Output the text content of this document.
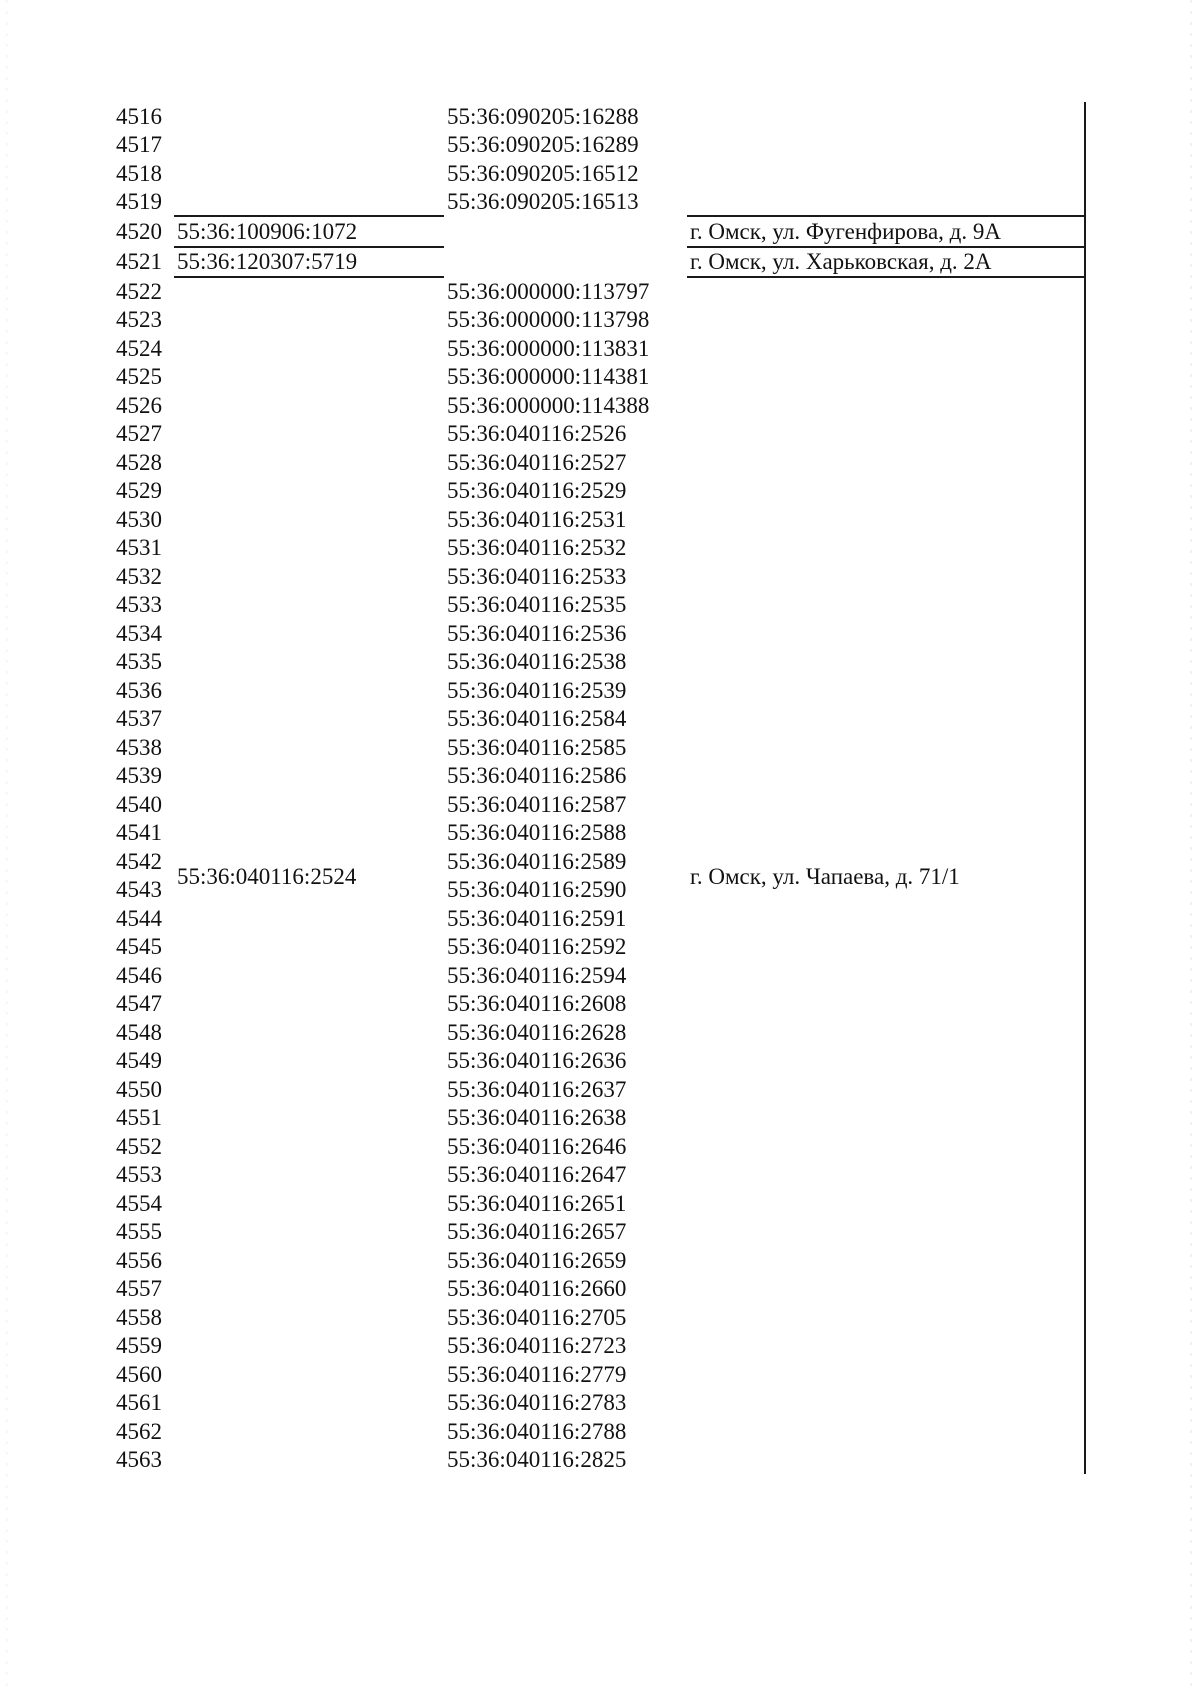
4516		55:36:090205:16288	
4517		55:36:090205:16289	
4518		55:36:090205:16512	
4519		55:36:090205:16513	
4520	55:36:100906:1072		г. Омск, ул. Фугенфирова, д. 9А
4521	55:36:120307:5719		г. Омск, ул. Харьковская, д. 2А
4522	55:36:040116:2524	55:36:000000:113797	г. Омск, ул. Чапаева, д. 71/1
4523		55:36:000000:113798	
4524		55:36:000000:113831	
4525		55:36:000000:114381	
4526		55:36:000000:114388	
4527		55:36:040116:2526	
4528		55:36:040116:2527	
4529		55:36:040116:2529	
4530		55:36:040116:2531	
4531		55:36:040116:2532	
4532		55:36:040116:2533	
4533		55:36:040116:2535	
4534		55:36:040116:2536	
4535		55:36:040116:2538	
4536		55:36:040116:2539	
4537		55:36:040116:2584	
4538		55:36:040116:2585	
4539		55:36:040116:2586	
4540		55:36:040116:2587	
4541		55:36:040116:2588	
4542		55:36:040116:2589	
4543		55:36:040116:2590	
4544		55:36:040116:2591	
4545		55:36:040116:2592	
4546		55:36:040116:2594	
4547		55:36:040116:2608	
4548		55:36:040116:2628	
4549		55:36:040116:2636	
4550		55:36:040116:2637	
4551		55:36:040116:2638	
4552		55:36:040116:2646	
4553		55:36:040116:2647	
4554		55:36:040116:2651	
4555		55:36:040116:2657	
4556		55:36:040116:2659	
4557		55:36:040116:2660	
4558		55:36:040116:2705	
4559		55:36:040116:2723	
4560		55:36:040116:2779	
4561		55:36:040116:2783	
4562		55:36:040116:2788	
4563		55:36:040116:2825	
